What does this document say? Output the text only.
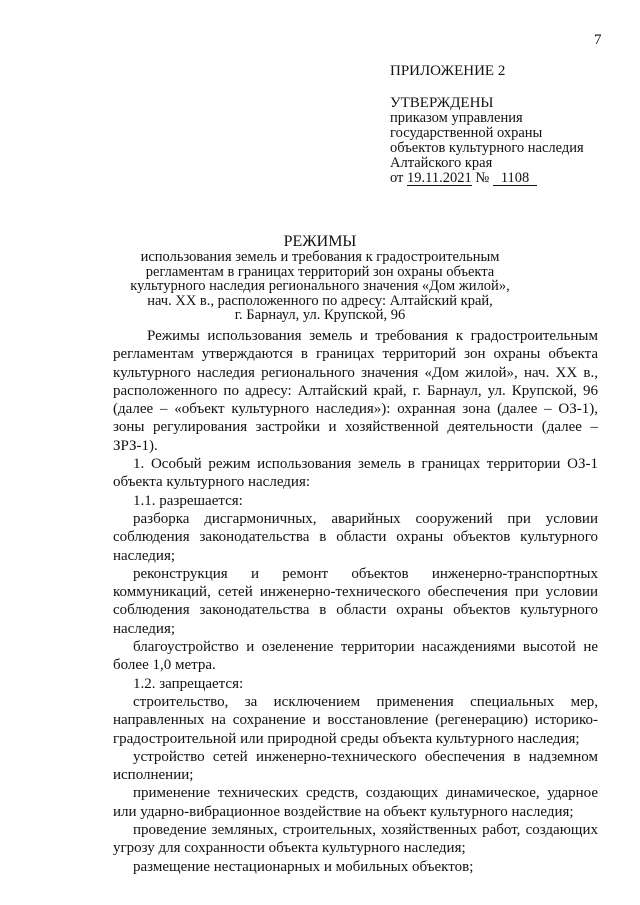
7
ПРИЛОЖЕНИЕ 2
УТВЕРЖДЕНЫ
приказом управления
государственной охраны
объектов культурного наследия
Алтайского края
от 19.11.2021 № 1108
РЕЖИМЫ
использования земель и требования к градостроительным
регламентам в границах территорий зон охраны объекта
культурного наследия регионального значения «Дом жилой»,
нач. XX в., расположенного по адресу: Алтайский край,
г. Барнаул, ул. Крупской, 96

Режимы использования земель и требования к градостроительным регламентам утверждаются в границах территорий зон охраны объекта культурного наследия регионального значения «Дом жилой», нач. XX в., расположенного по адресу: Алтайский край, г. Барнаул, ул. Крупской, 96 (далее – «объект культурного наследия»): охранная зона (далее – ОЗ-1), зоны регулирования застройки и хозяйственной деятельности (далее – ЗРЗ-1).

1. Особый режим использования земель в границах территории ОЗ-1 объекта культурного наследия:

1.1. разрешается:

разборка дисгармоничных, аварийных сооружений при условии соблюдения законодательства в области охраны объектов культурного наследия;

реконструкция и ремонт объектов инженерно-транспортных коммуникаций, сетей инженерно-технического обеспечения при условии соблюдения законодательства в области охраны объектов культурного наследия;

благоустройство и озеленение территории насаждениями высотой не более 1,0 метра.

1.2. запрещается:

строительство, за исключением применения специальных мер, направленных на сохранение и восстановление (регенерацию) историко-градостроительной или природной среды объекта культурного наследия;

устройство сетей инженерно-технического обеспечения в надземном исполнении;

применение технических средств, создающих динамическое, ударное или ударно-вибрационное воздействие на объект культурного наследия;

проведение земляных, строительных, хозяйственных работ, создающих угрозу для сохранности объекта культурного наследия;

размещение нестационарных и мобильных объектов;
